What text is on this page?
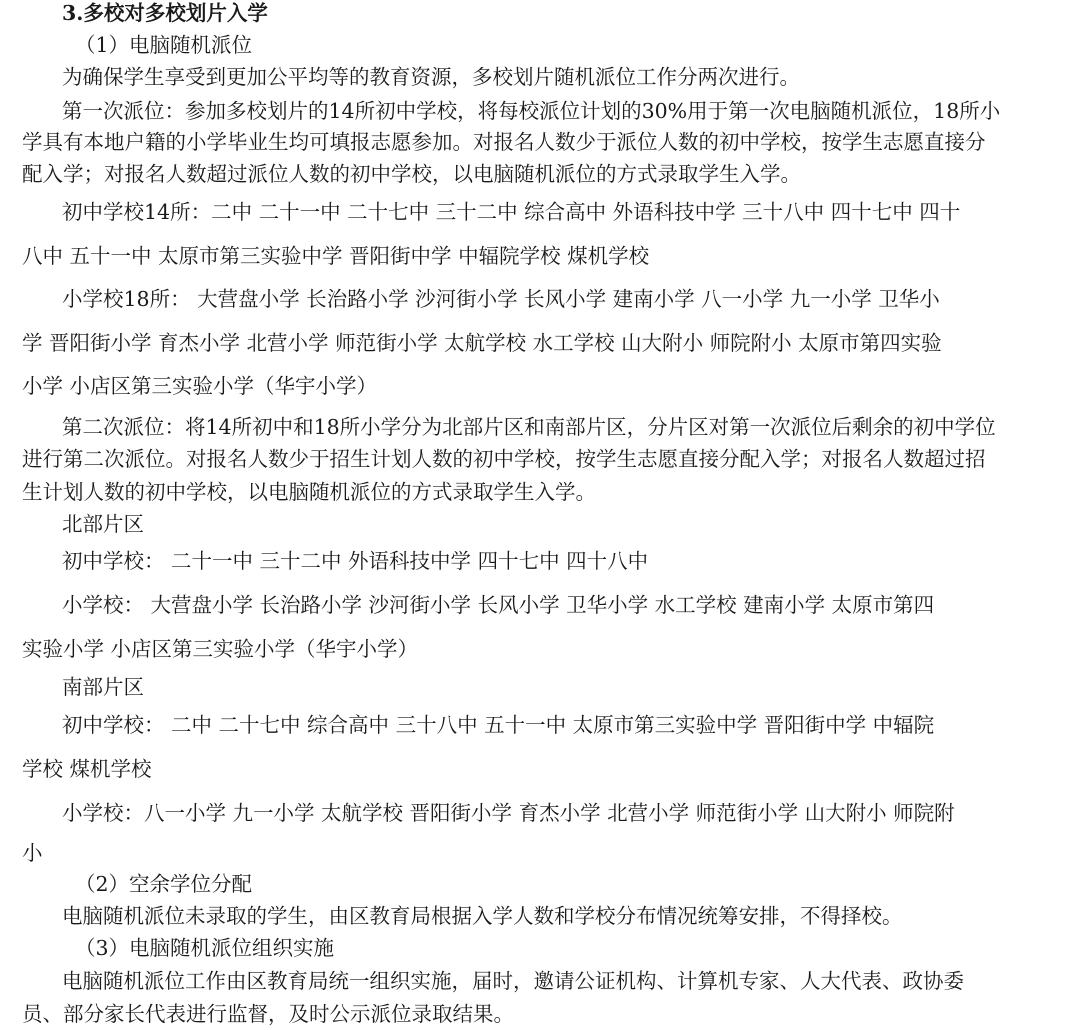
3.多校对多校划片入学
（1）电脑随机派位
为确保学生享受到更加公平均等的教育资源，多校划片随机派位工作分两次进行。
第一次派位：参加多校划片的14所初中学校，将每校派位计划的30%用于第一次电脑随机派位，18所小
学具有本地户籍的小学毕业生均可填报志愿参加。对报名人数少于派位人数的初中学校，按学生志愿直接分
配入学；对报名人数超过派位人数的初中学校，以电脑随机派位的方式录取学生入学。
初中学校14所：二中 二十一中 二十七中 三十二中 综合高中 外语科技中学 三十八中 四十七中 四十
八中 五十一中 太原市第三实验中学 晋阳街中学 中辐院学校 煤机学校
小学校18所： 大营盘小学 长治路小学 沙河街小学 长风小学 建南小学 八一小学 九一小学 卫华小
学 晋阳街小学 育杰小学 北营小学 师范街小学 太航学校 水工学校 山大附小 师院附小 太原市第四实验
小学 小店区第三实验小学（华宇小学）
第二次派位：将14所初中和18所小学分为北部片区和南部片区，分片区对第一次派位后剩余的初中学位
进行第二次派位。对报名人数少于招生计划人数的初中学校，按学生志愿直接分配入学；对报名人数超过招
生计划人数的初中学校，以电脑随机派位的方式录取学生入学。
北部片区
初中学校： 二十一中 三十二中 外语科技中学 四十七中 四十八中
小学校： 大营盘小学 长治路小学 沙河街小学 长风小学 卫华小学 水工学校 建南小学 太原市第四
实验小学 小店区第三实验小学（华宇小学）
南部片区
初中学校： 二中 二十七中 综合高中 三十八中 五十一中 太原市第三实验中学 晋阳街中学 中辐院
学校 煤机学校
小学校：八一小学 九一小学 太航学校 晋阳街小学 育杰小学 北营小学 师范街小学 山大附小 师院附
小
（2）空余学位分配
电脑随机派位未录取的学生，由区教育局根据入学人数和学校分布情况统筹安排，不得择校。
（3）电脑随机派位组织实施
电脑随机派位工作由区教育局统一组织实施，届时，邀请公证机构、计算机专家、人大代表、政协委
员、部分家长代表进行监督，及时公示派位录取结果。
